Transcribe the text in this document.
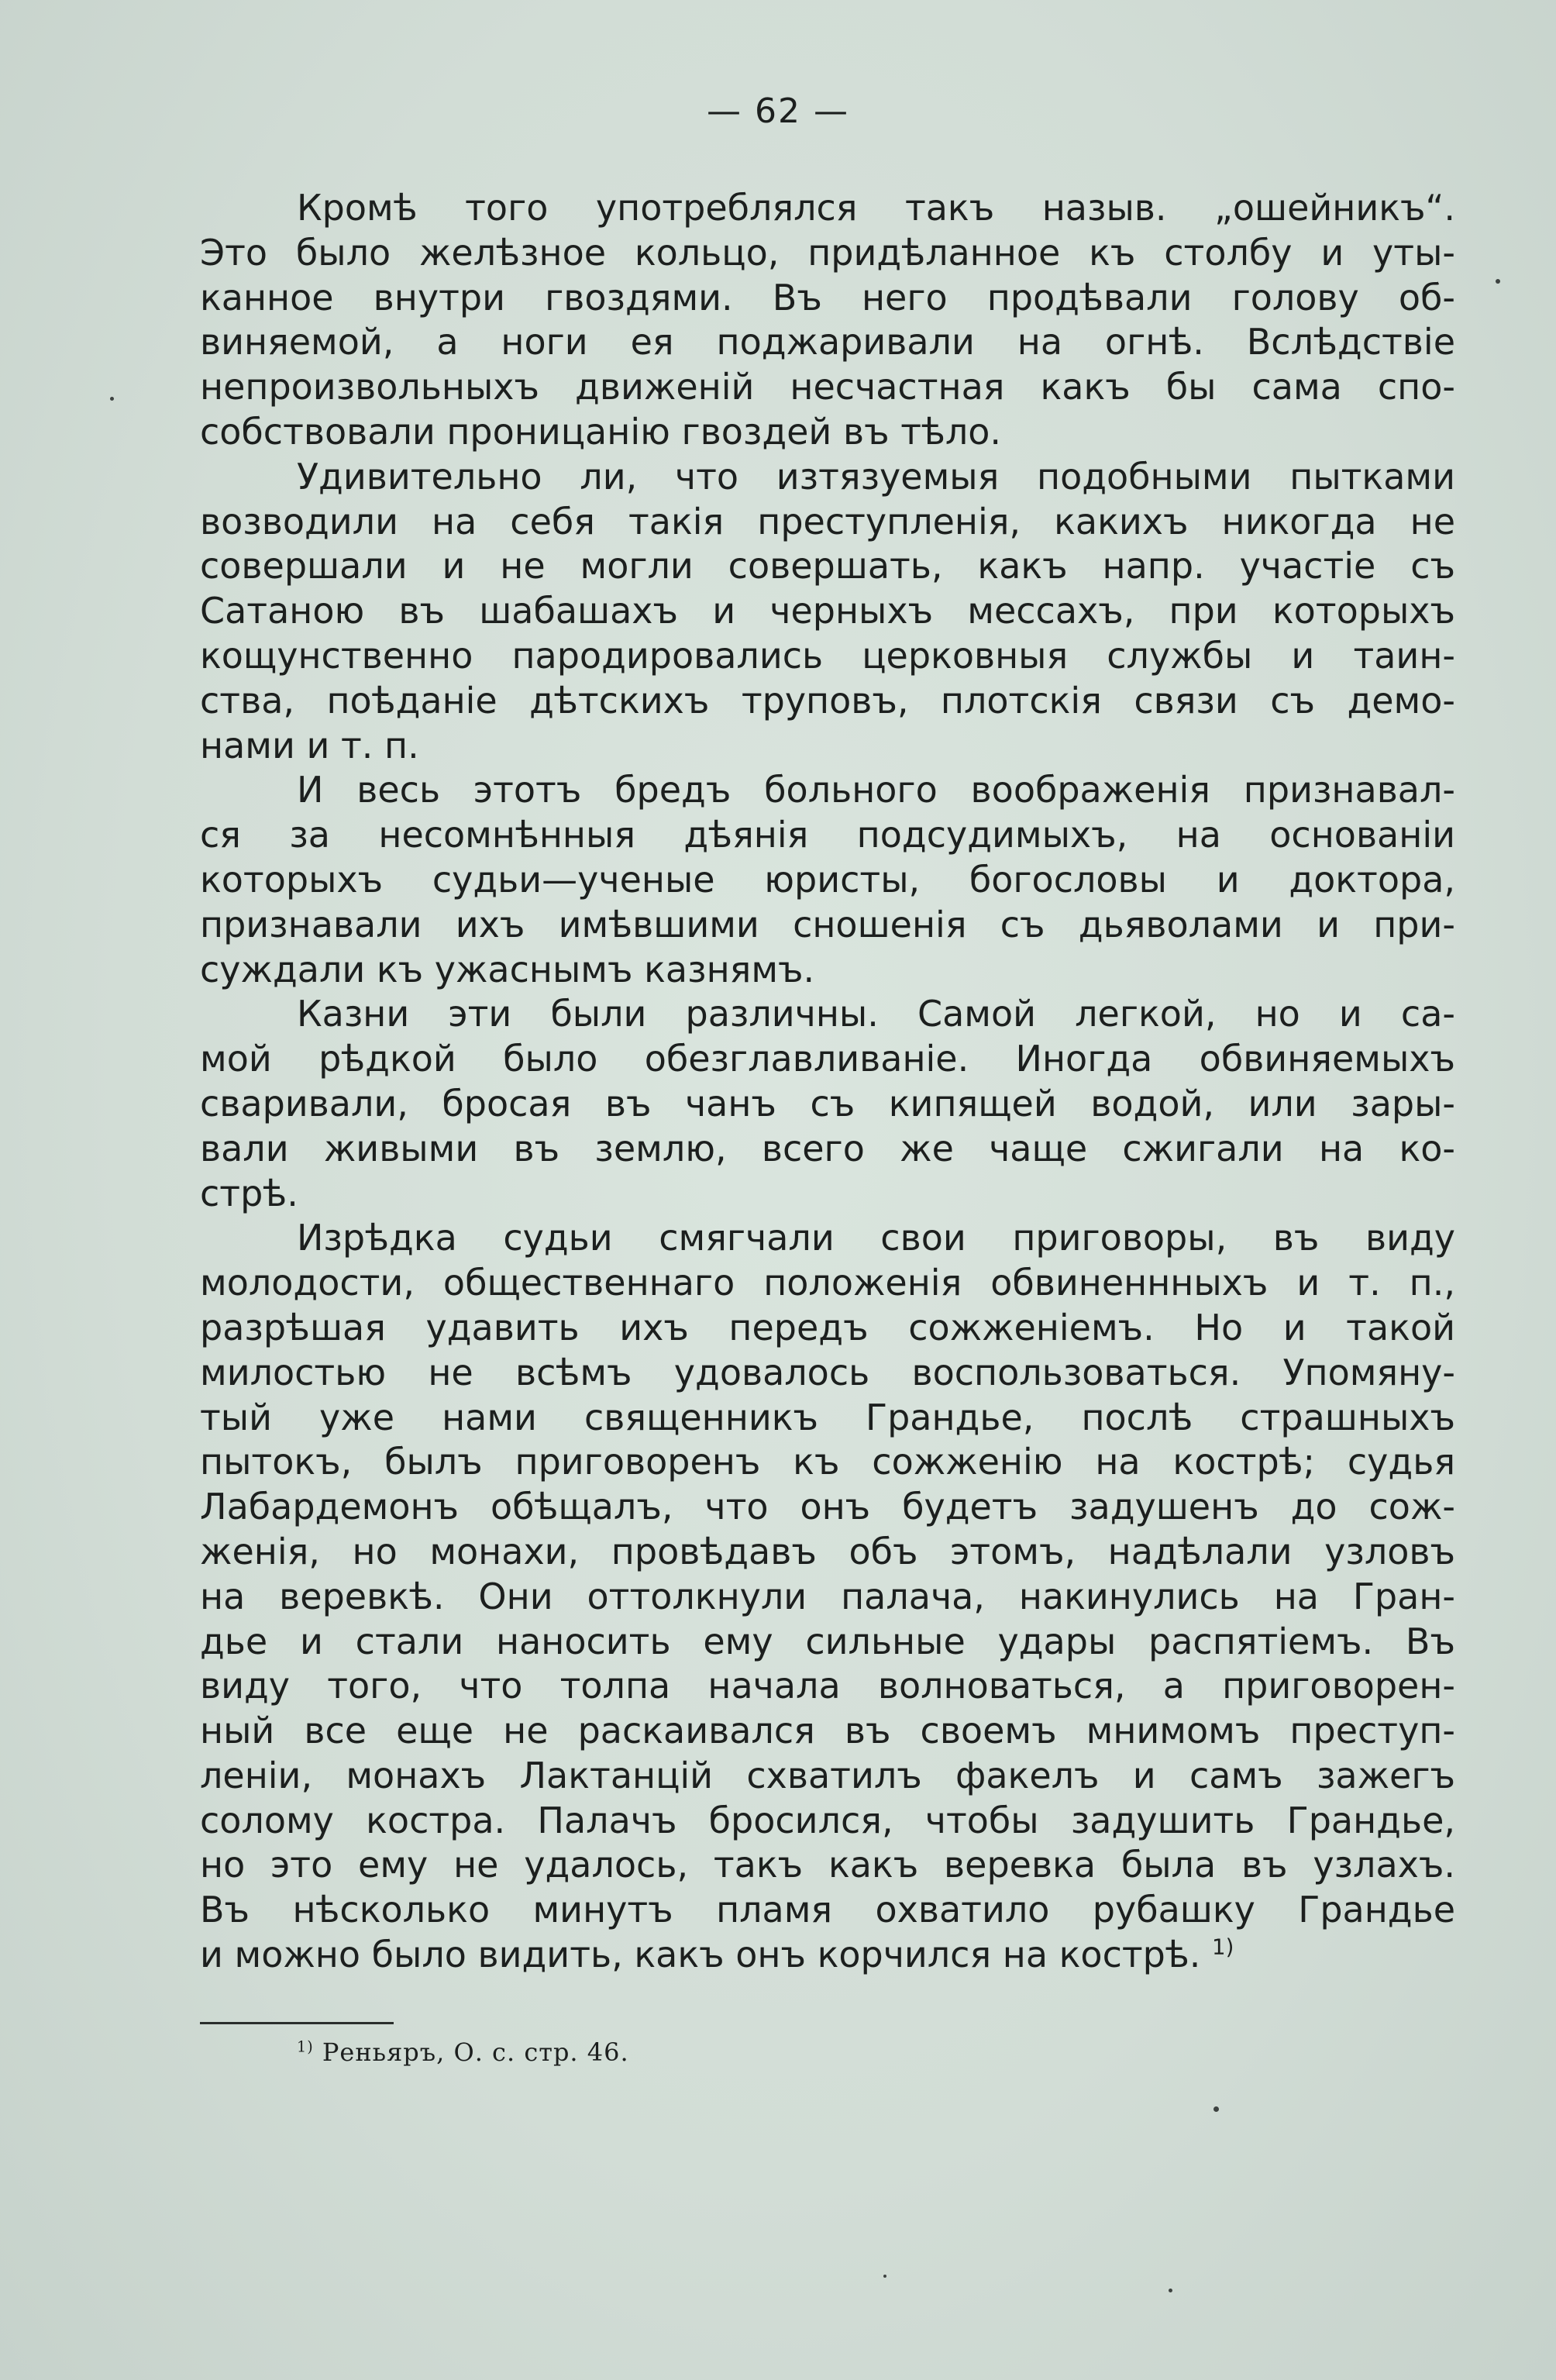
— 62 —
Кромѣ того употреблялся такъ назыв. „ошейникъ“.
Это было желѣзное кольцо, придѣланное къ столбу и уты-
канное внутри гвоздями. Въ него продѣвали голову об-
виняемой, а ноги ея поджаривали на огнѣ. Вслѣдствіе
непроизвольныхъ движеній несчастная какъ бы сама спо-
собствовали проницанію гвоздей въ тѣло.
Удивительно ли, что изтязуемыя подобными пытками
возводили на себя такія преступленія, какихъ никогда не
совершали и не могли совершать, какъ напр. участіе съ
Сатаною въ шабашахъ и черныхъ мессахъ, при которыхъ
кощунственно пародировались церковныя службы и таин-
ства, поѣданіе дѣтскихъ труповъ, плотскія связи съ демо-
нами и т. п.
И весь этотъ бредъ больного воображенія признавал-
ся за несомнѣнныя дѣянія подсудимыхъ, на основаніи
которыхъ судьи—ученые юристы, богословы и доктора,
признавали ихъ имѣвшими сношенія съ дьяволами и при-
суждали къ ужаснымъ казнямъ.
Казни эти были различны. Самой легкой, но и са-
мой рѣдкой было обезглавливаніе. Иногда обвиняемыхъ
сваривали, бросая въ чанъ съ кипящей водой, или зары-
вали живыми въ землю, всего же чаще сжигали на ко-
стрѣ.
Изрѣдка судьи смягчали свои приговоры, въ виду
молодости, общественнаго положенія обвиненнныхъ и т. п.,
разрѣшая удавить ихъ передъ сожженіемъ. Но и такой
милостью не всѣмъ удовалось воспользоваться. Упомяну-
тый уже нами священникъ Грандье, послѣ страшныхъ
пытокъ, былъ приговоренъ къ сожженію на кострѣ; судья
Лабардемонъ обѣщалъ, что онъ будетъ задушенъ до сож-
женія, но монахи, провѣдавъ объ этомъ, надѣлали узловъ
на веревкѣ. Они оттолкнули палача, накинулись на Гран-
дье и стали наносить ему сильные удары распятіемъ. Въ
виду того, что толпа начала волноваться, а приговорен-
ный все еще не раскаивался въ своемъ мнимомъ преступ-
леніи, монахъ Лактанцій схватилъ факелъ и самъ зажегъ
солому костра. Палачъ бросился, чтобы задушить Грандье,
но это ему не удалось, такъ какъ веревка была въ узлахъ.
Въ нѣсколько минутъ пламя охватило рубашку Грандье
и можно было видить, какъ онъ корчился на кострѣ. $^{1)}$
$^{1)}$ Реньяръ, О. с. стр. 46.
